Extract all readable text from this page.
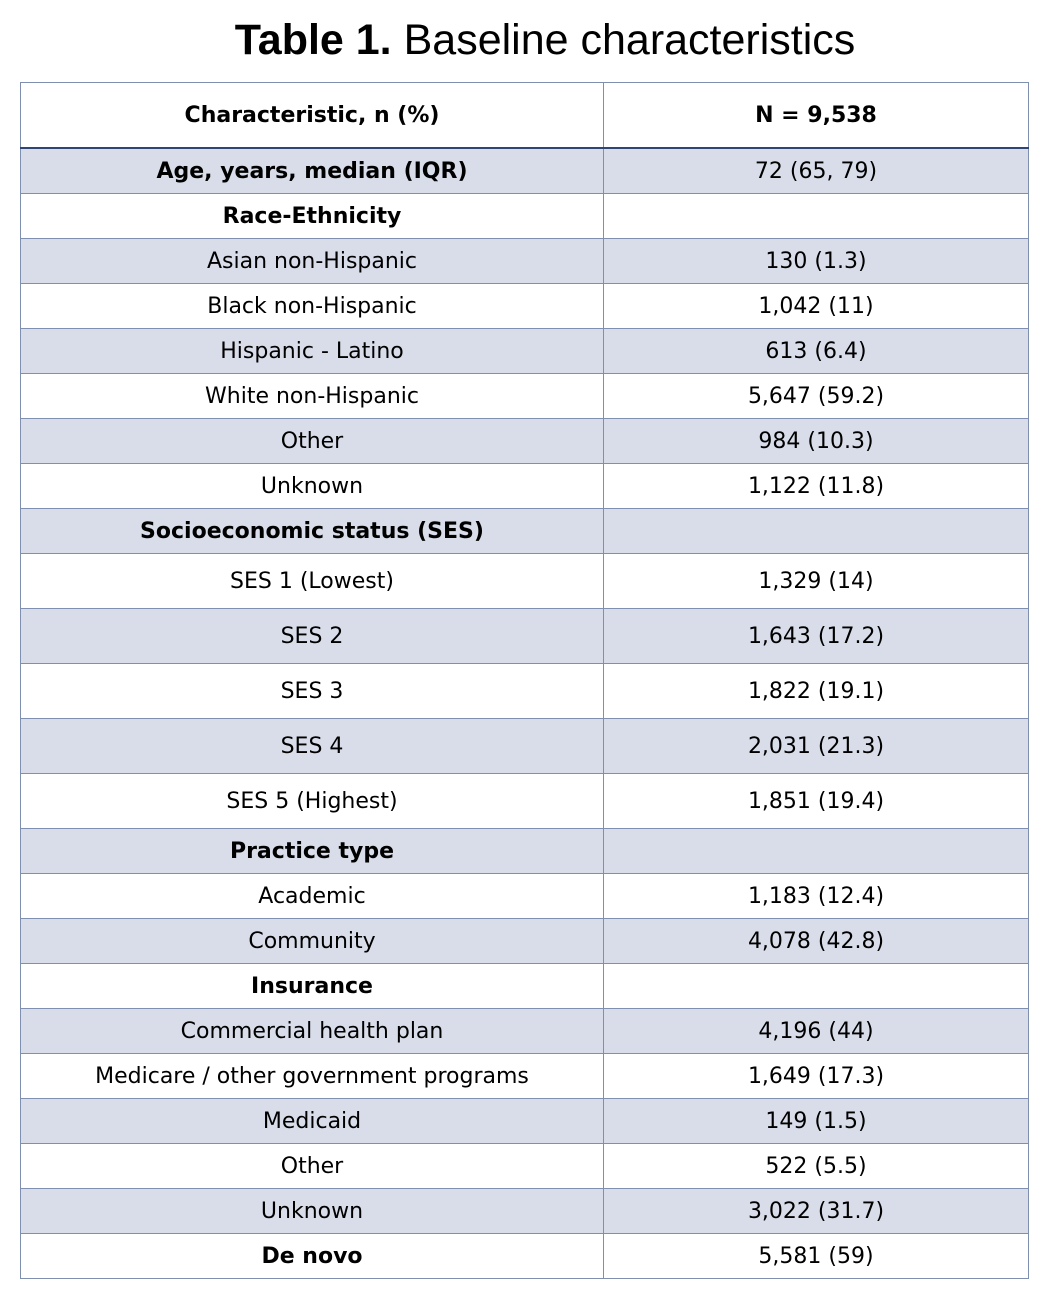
Table 1. Baseline characteristics
Characteristic, n (%)	N = 9,538
Age, years, median (IQR)	72 (65, 79)
Race-Ethnicity	
Asian non-Hispanic	130 (1.3)
Black non-Hispanic	1,042 (11)
Hispanic - Latino	613 (6.4)
White non-Hispanic	5,647 (59.2)
Other	984 (10.3)
Unknown	1,122 (11.8)
Socioeconomic status (SES)	
SES 1 (Lowest)	1,329 (14)
SES 2	1,643 (17.2)
SES 3	1,822 (19.1)
SES 4	2,031 (21.3)
SES 5 (Highest)	1,851 (19.4)
Practice type	
Academic	1,183 (12.4)
Community	4,078 (42.8)
Insurance	
Commercial health plan	4,196 (44)
Medicare / other government programs	1,649 (17.3)
Medicaid	149 (1.5)
Other	522 (5.5)
Unknown	3,022 (31.7)
De novo	5,581 (59)
